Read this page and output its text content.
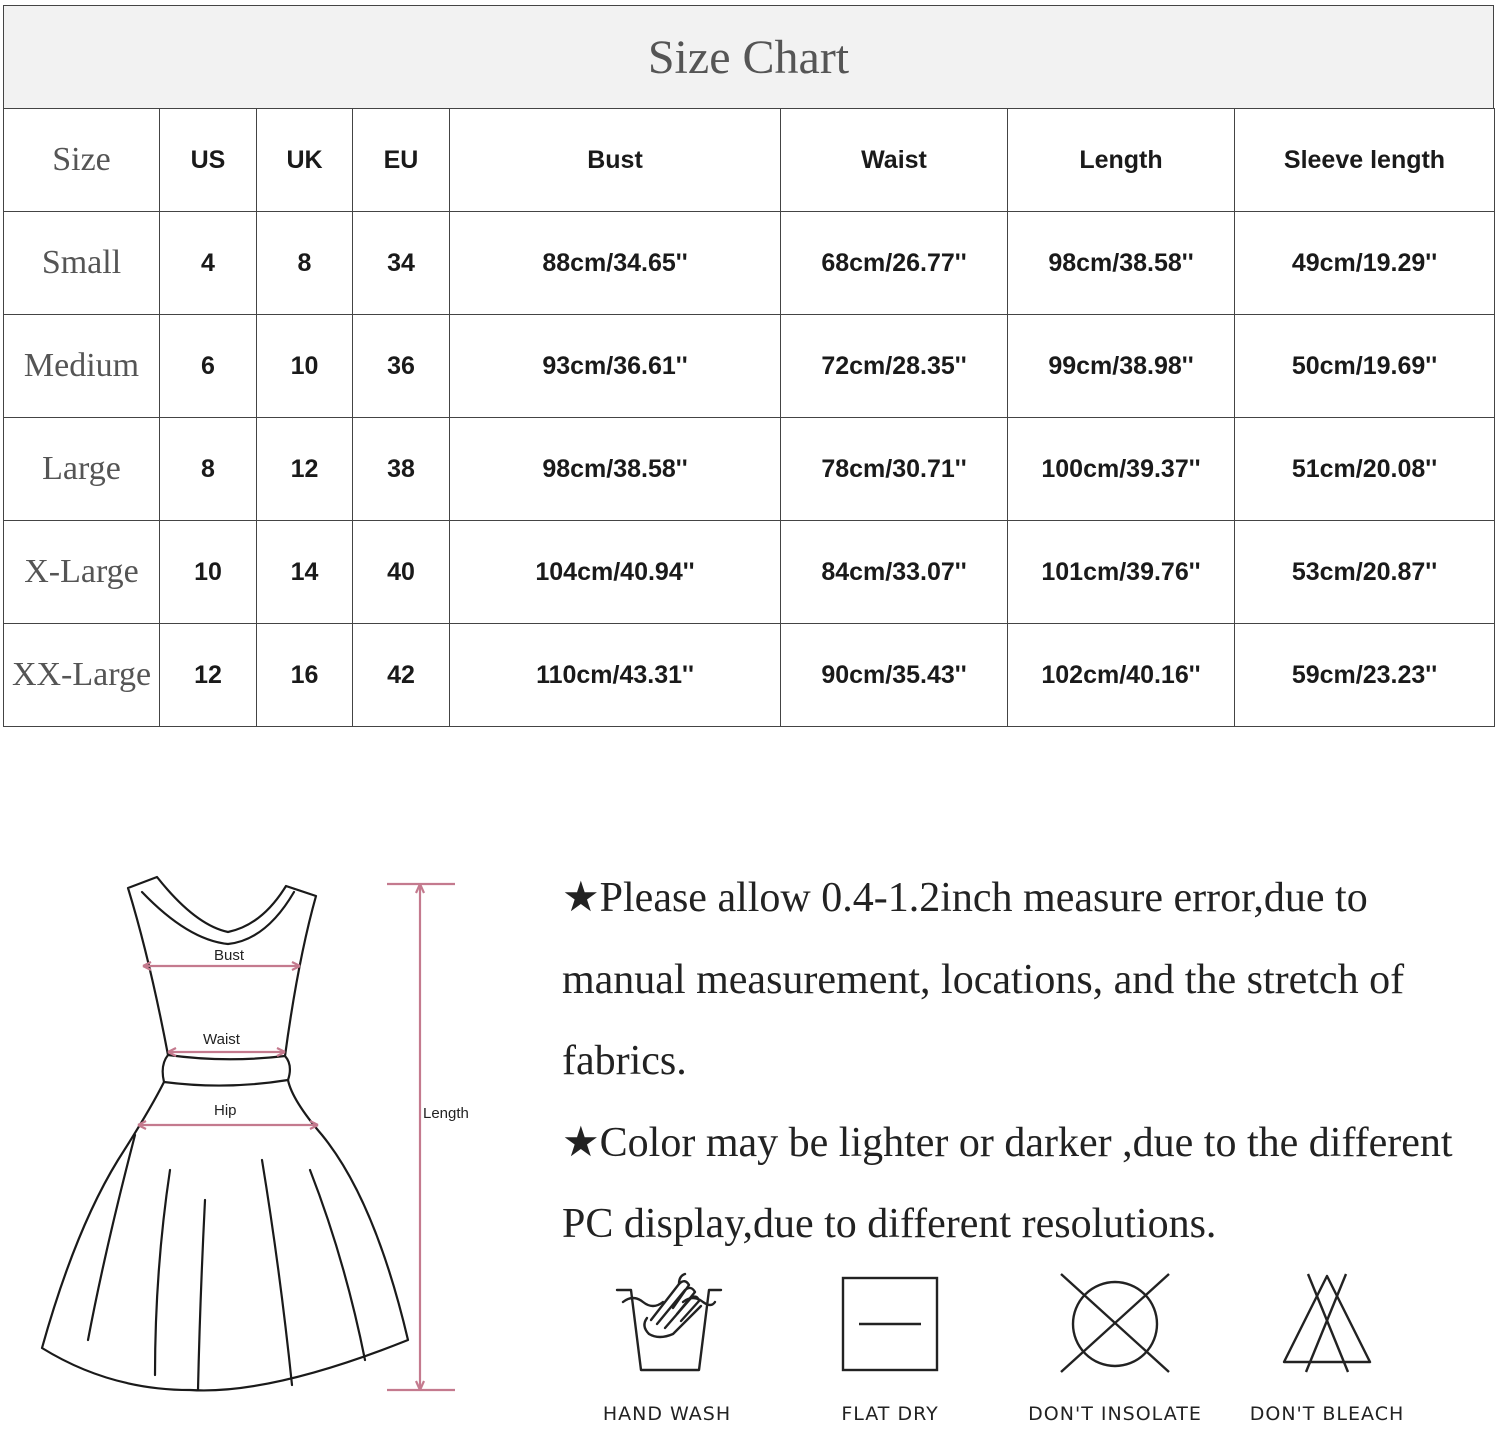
Size Chart
Size	US	UK	EU	Bust	Waist	Length	Sleeve length
Small	4	8	34	88cm/34.65''	68cm/26.77''	98cm/38.58''	49cm/19.29''
Medium	6	10	36	93cm/36.61''	72cm/28.35''	99cm/38.98''	50cm/19.69''
Large	8	12	38	98cm/38.58''	78cm/30.71''	100cm/39.37''	51cm/20.08''
X-Large	10	14	40	104cm/40.94''	84cm/33.07''	101cm/39.76''	53cm/20.87''
XX-Large	12	16	42	110cm/43.31''	90cm/35.43''	102cm/40.16''	59cm/23.23''
Bust
Waist
Hip	Length

★Please allow 0.4-1.2inch measure error,due to manual measurement, locations, and the stretch of fabrics.

★Color may be lighter or darker ,due to the different PC display,due to different resolutions.

HAND WASH	FLAT DRY	DON'T INSOLATE	DON'T BLEACH
